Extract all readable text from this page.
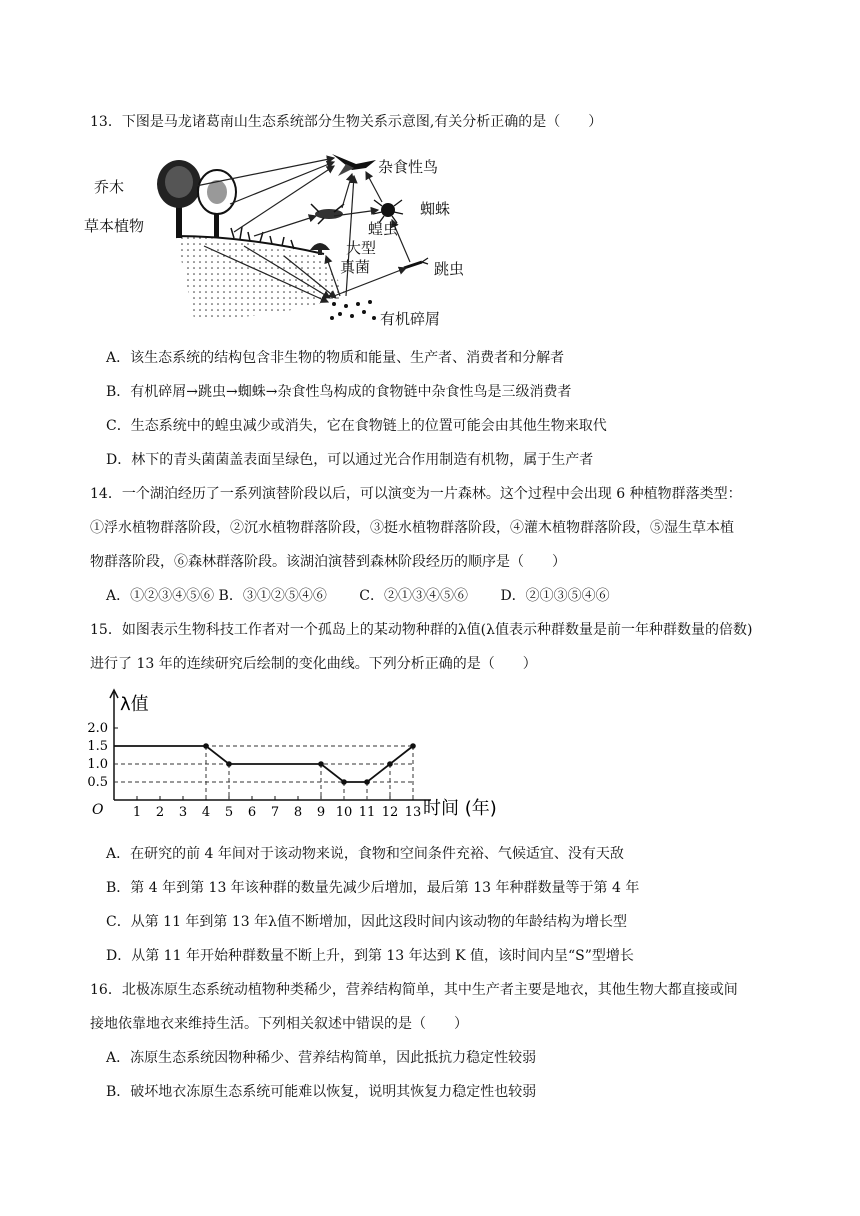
13．下图是马龙诸葛南山生态系统部分生物关系示意图,有关分析正确的是（　　）
乔木
草本植物
杂食性鸟
蜘蛛
蝗虫
大型
真菌	跳虫
有机碎屑
A．该生态系统的结构包含非生物的物质和能量、生产者、消费者和分解者
B．有机碎屑→跳虫→蜘蛛→杂食性鸟构成的食物链中杂食性鸟是三级消费者
C．生态系统中的蝗虫减少或消失，它在食物链上的位置可能会由其他生物来取代
D．林下的青头菌菌盖表面呈绿色，可以通过光合作用制造有机物，属于生产者
14．一个湖泊经历了一系列演替阶段以后，可以演变为一片森林。这个过程中会出现 6 种植物群落类型：
①浮水植物群落阶段，②沉水植物群落阶段，③挺水植物群落阶段，④灌木植物群落阶段，⑤湿生草本植
物群落阶段，⑥森林群落阶段。该湖泊演替到森林阶段经历的顺序是（　　）
A．①②③④⑤⑥ B．③①②⑤④⑥　　 C．②①③④⑤⑥　　 D．②①③⑤④⑥
15．如图表示生物科技工作者对一个孤岛上的某动物种群的λ值(λ值表示种群数量是前一年种群数量的倍数)
进行了 13 年的连续研究后绘制的变化曲线。下列分析正确的是（　　）
λ值
时间 (年)
O
0.5
1.0
1.5
2.0
1 2 3 4 5 6 7 8 9 10 11 12 13
A．在研究的前 4 年间对于该动物来说，食物和空间条件充裕、气候适宜、没有天敌
B．第 4 年到第 13 年该种群的数量先减少后增加，最后第 13 年种群数量等于第 4 年
C．从第 11 年到第 13 年λ值不断增加，因此这段时间内该动物的年龄结构为增长型
D．从第 11 年开始种群数量不断上升，到第 13 年达到 K 值，该时间内呈“S”型增长
16．北极冻原生态系统动植物种类稀少，营养结构简单，其中生产者主要是地衣，其他生物大都直接或间
接地依靠地衣来维持生活。下列相关叙述中错误的是（　　）
A．冻原生态系统因物种稀少、营养结构简单，因此抵抗力稳定性较弱
B．破坏地衣冻原生态系统可能难以恢复，说明其恢复力稳定性也较弱
